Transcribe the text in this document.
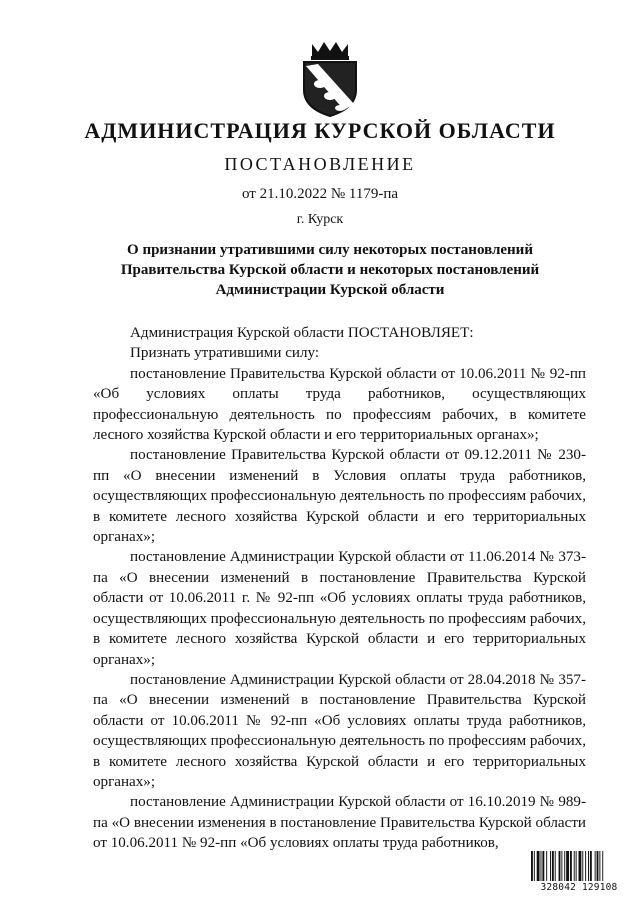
АДМИНИСТРАЦИЯ КУРСКОЙ ОБЛАСТИ
ПОСТАНОВЛЕНИЕ
от 21.10.2022 № 1179-па
г. Курск
О признании утратившими силу некоторых постановлений
Правительства Курской области и некоторых постановлений
Администрации Курской области

Администрация Курской области ПОСТАНОВЛЯЕТ:

Признать утратившими силу:

постановление Правительства Курской области от 10.06.2011 № 92-пп «Об условиях оплаты труда работников, осуществляющих профессиональную деятельность по профессиям рабочих, в комитете лесного хозяйства Курской области и его территориальных органах»;

постановление Правительства Курской области от 09.12.2011 № 230-пп «О внесении изменений в Условия оплаты труда работников, осуществляющих профессиональную деятельность по профессиям рабочих, в комитете лесного хозяйства Курской области и его территориальных органах»;

постановление Администрации Курской области от 11.06.2014 № 373-па «О внесении изменений в постановление Правительства Курской области от 10.06.2011 г. № 92-пп «Об условиях оплаты труда работников, осуществляющих профессиональную деятельность по профессиям рабочих, в комитете лесного хозяйства Курской области и его территориальных органах»;

постановление Администрации Курской области от 28.04.2018 № 357-па «О внесении изменений в постановление Правительства Курской области от 10.06.2011 № 92-пп «Об условиях оплаты труда работников, осуществляющих профессиональную деятельность по профессиям рабочих, в комитете лесного хозяйства Курской области и его территориальных органах»;

постановление Администрации Курской области от 16.10.2019 № 989-па «О внесении изменения в постановление Правительства Курской области от 10.06.2011 № 92-пп «Об условиях оплаты труда работников,

328042 129108
